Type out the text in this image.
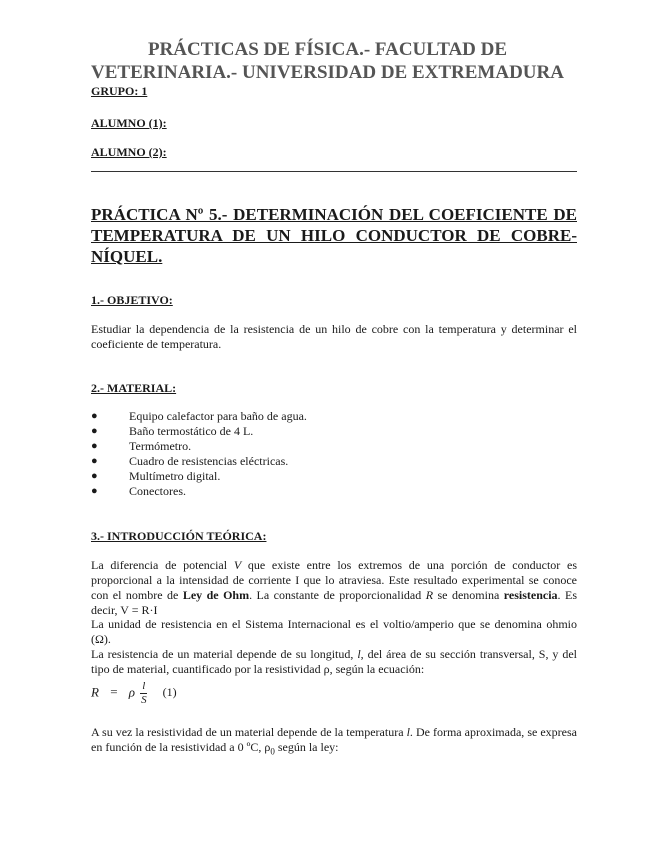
PRÁCTICAS DE FÍSICA.- FACULTAD DE
VETERINARIA.- UNIVERSIDAD DE EXTREMADURA
GRUPO: 1
ALUMNO (1):
ALUMNO (2):
PRÁCTICA Nº 5.- DETERMINACIÓN DEL COEFICIENTE DE TEMPERATURA DE UN HILO CONDUCTOR DE COBRE-NÍQUEL.
1.- OBJETIVO:
Estudiar la dependencia de la resistencia de un hilo de cobre con la temperatura y determinar el coeficiente de temperatura.
2.- MATERIAL:
●	Equipo calefactor para baño de agua.
●	Baño termostático de 4 L.
●	Termómetro.
●	Cuadro de resistencias eléctricas.
●	Multímetro digital.
●	Conectores.
3.- INTRODUCCIÓN TEÓRICA:
La diferencia de potencial V que existe entre los extremos de una porción de conductor es proporcional a la intensidad de corriente I que lo atraviesa. Este resultado experimental se conoce con el nombre de Ley de Ohm. La constante de proporcionalidad R se denomina resistencia. Es decir, V = R·I
La unidad de resistencia en el Sistema Internacional es el voltio/amperio que se denomina ohmio (Ω).
La resistencia de un material depende de su longitud, l, del área de su sección transversal, S, y del tipo de material, cuantificado por la resistividad ρ, según la ecuación:
R = ρ $\frac{l}{S} (1)$
A su vez la resistividad de un material depende de la temperatura l. De forma aproximada, se expresa en función de la resistividad a 0 ºC, $\rho_0$ según la ley:
